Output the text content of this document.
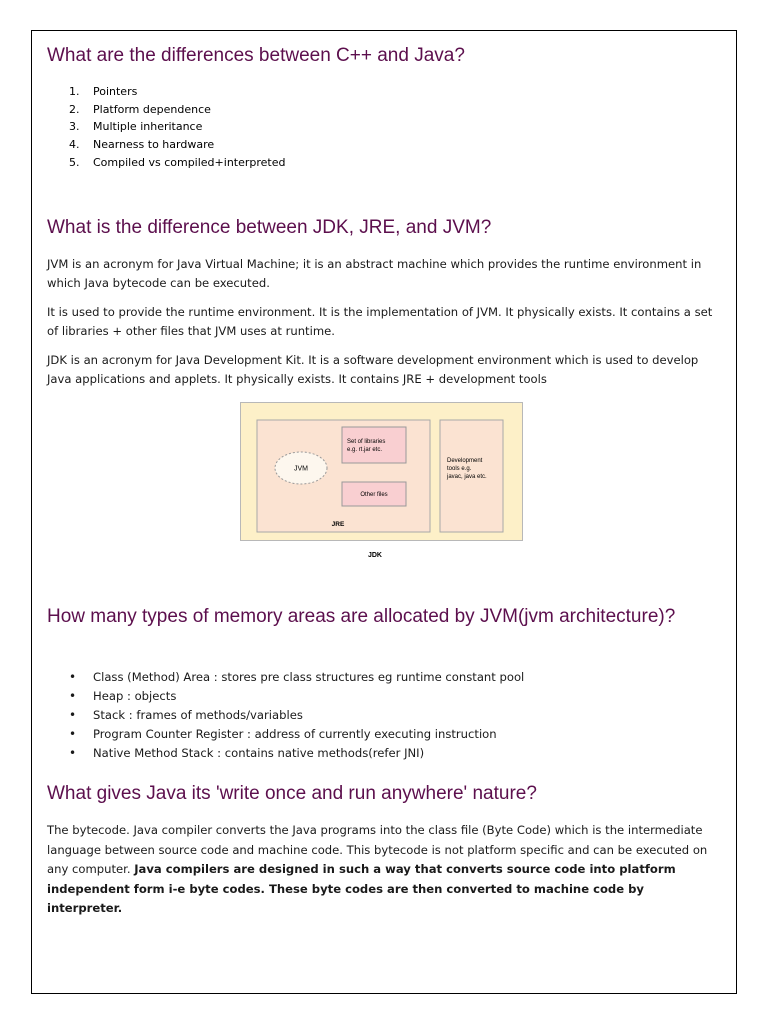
What are the differences between C++ and Java?
1. Pointers
2. Platform dependence
3. Multiple inheritance
4. Nearness to hardware
5. Compiled vs compiled+interpreted
What is the difference between JDK, JRE, and JVM?

JVM is an acronym for Java Virtual Machine; it is an abstract machine which provides the runtime environment in which Java bytecode can be executed.

It is used to provide the runtime environment. It is the implementation of JVM. It physically exists. It contains a set of libraries + other files that JVM uses at runtime.

JDK is an acronym for Java Development Kit. It is a software development environment which is used to develop Java applications and applets. It physically exists. It contains JRE + development tools

How many types of memory areas are allocated by JVM(jvm architecture)?
• Class (Method) Area : stores pre class structures eg runtime constant pool
• Heap : objects
• Stack : frames of methods/variables
• Program Counter Register : address of currently executing instruction
• Native Method Stack : contains native methods(refer JNI)
What gives Java its 'write once and run anywhere' nature?

The bytecode. Java compiler converts the Java programs into the class file (Byte Code) which is the intermediate language between source code and machine code. This bytecode is not platform specific and can be executed on any computer. Java compilers are designed in such a way that converts source code into platform independent form i-e byte codes. These byte codes are then converted to machine code by interpreter.

JVM
Set of libraries
e.g. rt.jar etc.
Other files
JRE
Development
tools e.g.
javac, java etc.
JDK
